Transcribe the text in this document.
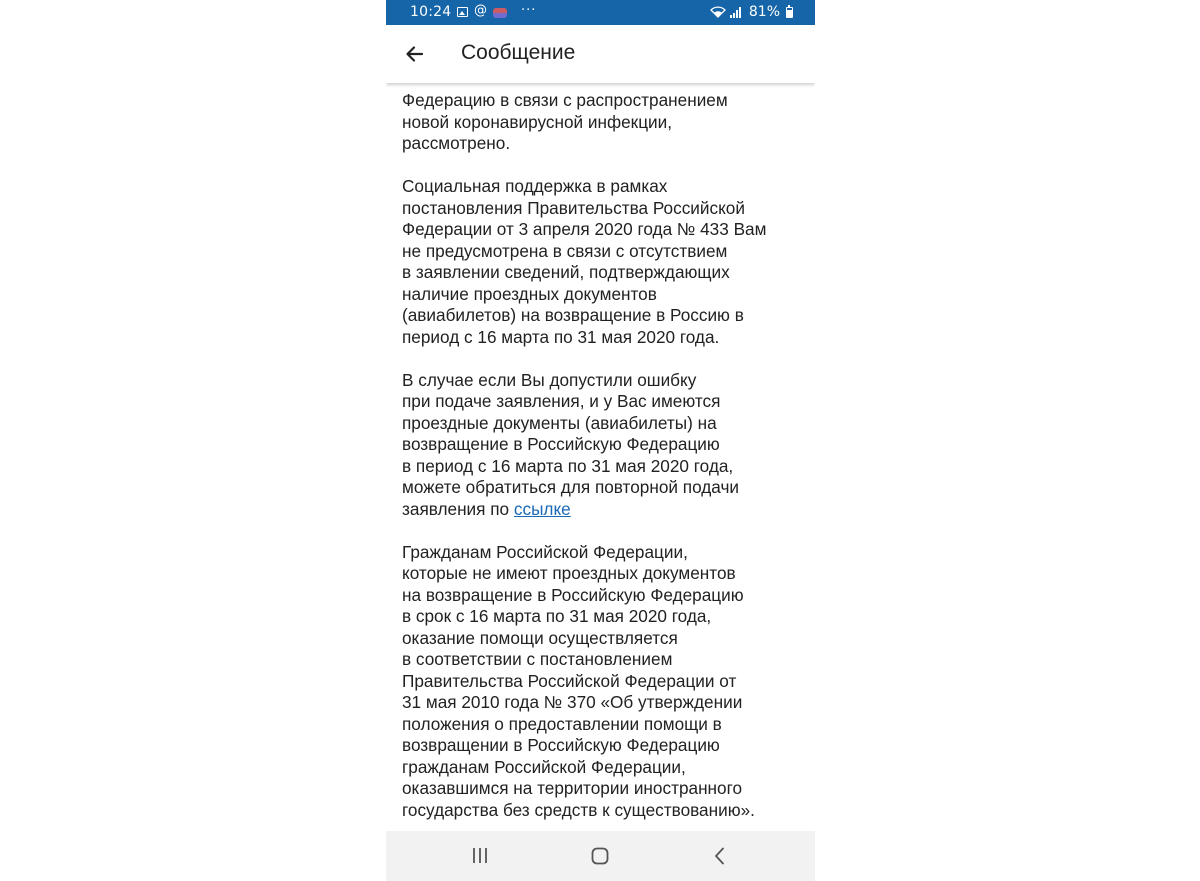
10:24 @	···	81%
Сообщение
Федерацию в связи с распространением
новой коронавирусной инфекции,
рассмотрено.
Социальная поддержка в рамках
постановления Правительства Российской
Федерации от 3 апреля 2020 года № 433 Вам
не предусмотрена в связи с отсутствием
в заявлении сведений, подтверждающих
наличие проездных документов
(авиабилетов) на возвращение в Россию в
период с 16 марта по 31 мая 2020 года.
В случае если Вы допустили ошибку
при подаче заявления, и у Вас имеются
проездные документы (авиабилеты) на
возвращение в Российскую Федерацию
в период с 16 марта по 31 мая 2020 года,
можете обратиться для повторной подачи
заявления по ссылке
Гражданам Российской Федерации,
которые не имеют проездных документов
на возвращение в Российскую Федерацию
в срок с 16 марта по 31 мая 2020 года,
оказание помощи осуществляется
в соответствии с постановлением
Правительства Российской Федерации от
31 мая 2010 года № 370 «Об утверждении
положения о предоставлении помощи в
возвращении в Российскую Федерацию
гражданам Российской Федерации,
оказавшимся на территории иностранного
государства без средств к существованию».
